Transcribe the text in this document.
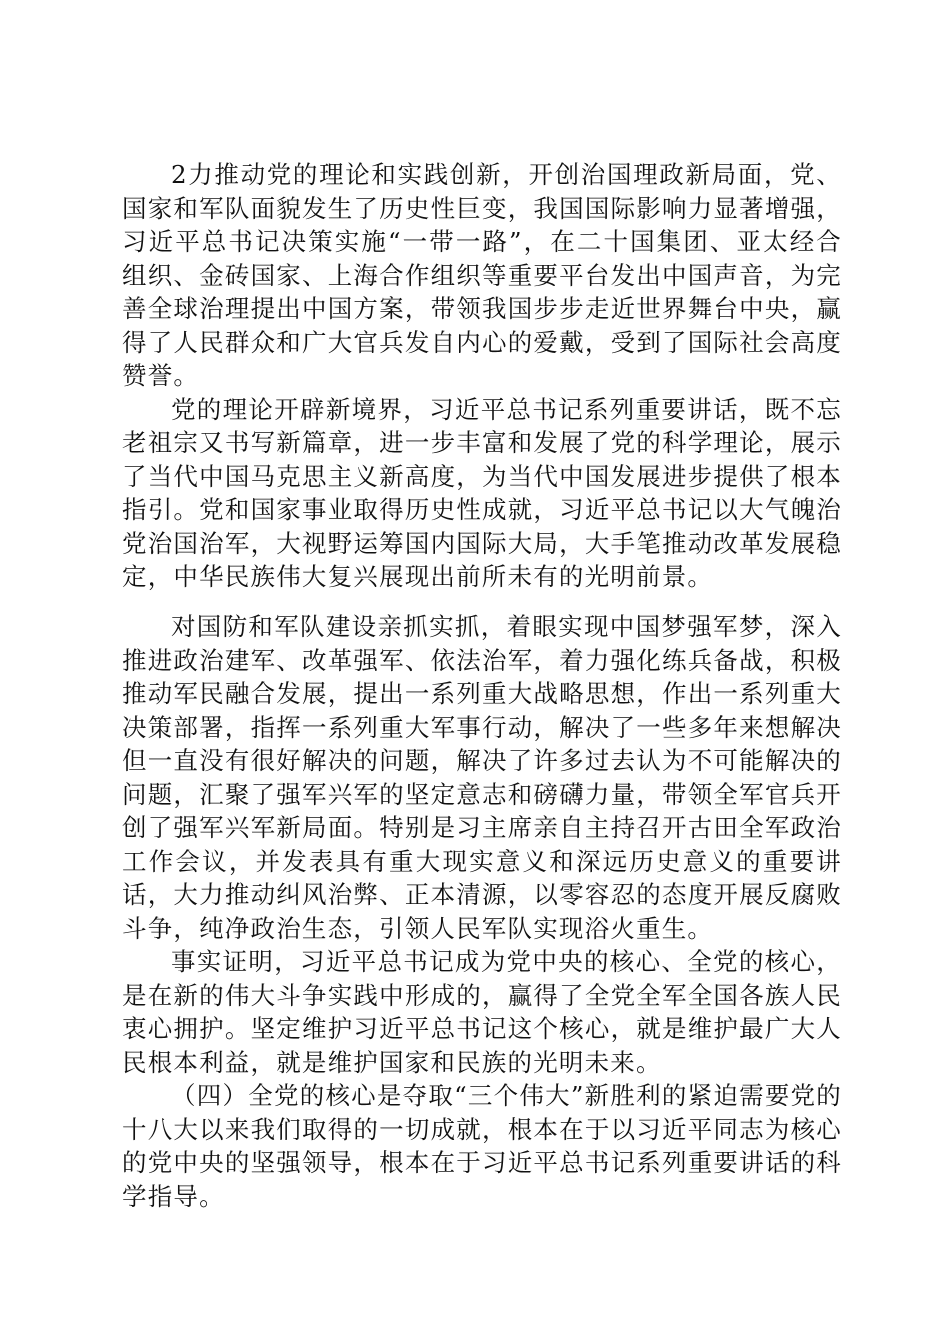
2力推动党的理论和实践创新，开创治国理政新局面，党、国家和军队面貌发生了历史性巨变，我国国际影响力显著增强，习近平总书记决策实施“一带一路”，在二十国集团、亚太经合组织、金砖国家、上海合作组织等重要平台发出中国声音，为完善全球治理提出中国方案，带领我国步步走近世界舞台中央，赢得了人民群众和广大官兵发自内心的爱戴，受到了国际社会高度赞誉。

党的理论开辟新境界，习近平总书记系列重要讲话，既不忘老祖宗又书写新篇章，进一步丰富和发展了党的科学理论，展示了当代中国马克思主义新高度，为当代中国发展进步提供了根本指引。党和国家事业取得历史性成就，习近平总书记以大气魄治党治国治军，大视野运筹国内国际大局，大手笔推动改革发展稳定，中华民族伟大复兴展现出前所未有的光明前景。

对国防和军队建设亲抓实抓，着眼实现中国梦强军梦，深入推进政治建军、改革强军、依法治军，着力强化练兵备战，积极推动军民融合发展，提出一系列重大战略思想，作出一系列重大决策部署，指挥一系列重大军事行动，解决了一些多年来想解决但一直没有很好解决的问题，解决了许多过去认为不可能解决的问题，汇聚了强军兴军的坚定意志和磅礴力量，带领全军官兵开创了强军兴军新局面。特别是习主席亲自主持召开古田全军政治工作会议，并发表具有重大现实意义和深远历史意义的重要讲话，大力推动纠风治弊、正本清源，以零容忍的态度开展反腐败斗争，纯净政治生态，引领人民军队实现浴火重生。

事实证明，习近平总书记成为党中央的核心、全党的核心，是在新的伟大斗争实践中形成的，赢得了全党全军全国各族人民衷心拥护。坚定维护习近平总书记这个核心，就是维护最广大人民根本利益，就是维护国家和民族的光明未来。

（四）全党的核心是夺取“三个伟大”新胜利的紧迫需要党的十八大以来我们取得的一切成就，根本在于以习近平同志为核心的党中央的坚强领导，根本在于习近平总书记系列重要讲话的科学指导。
